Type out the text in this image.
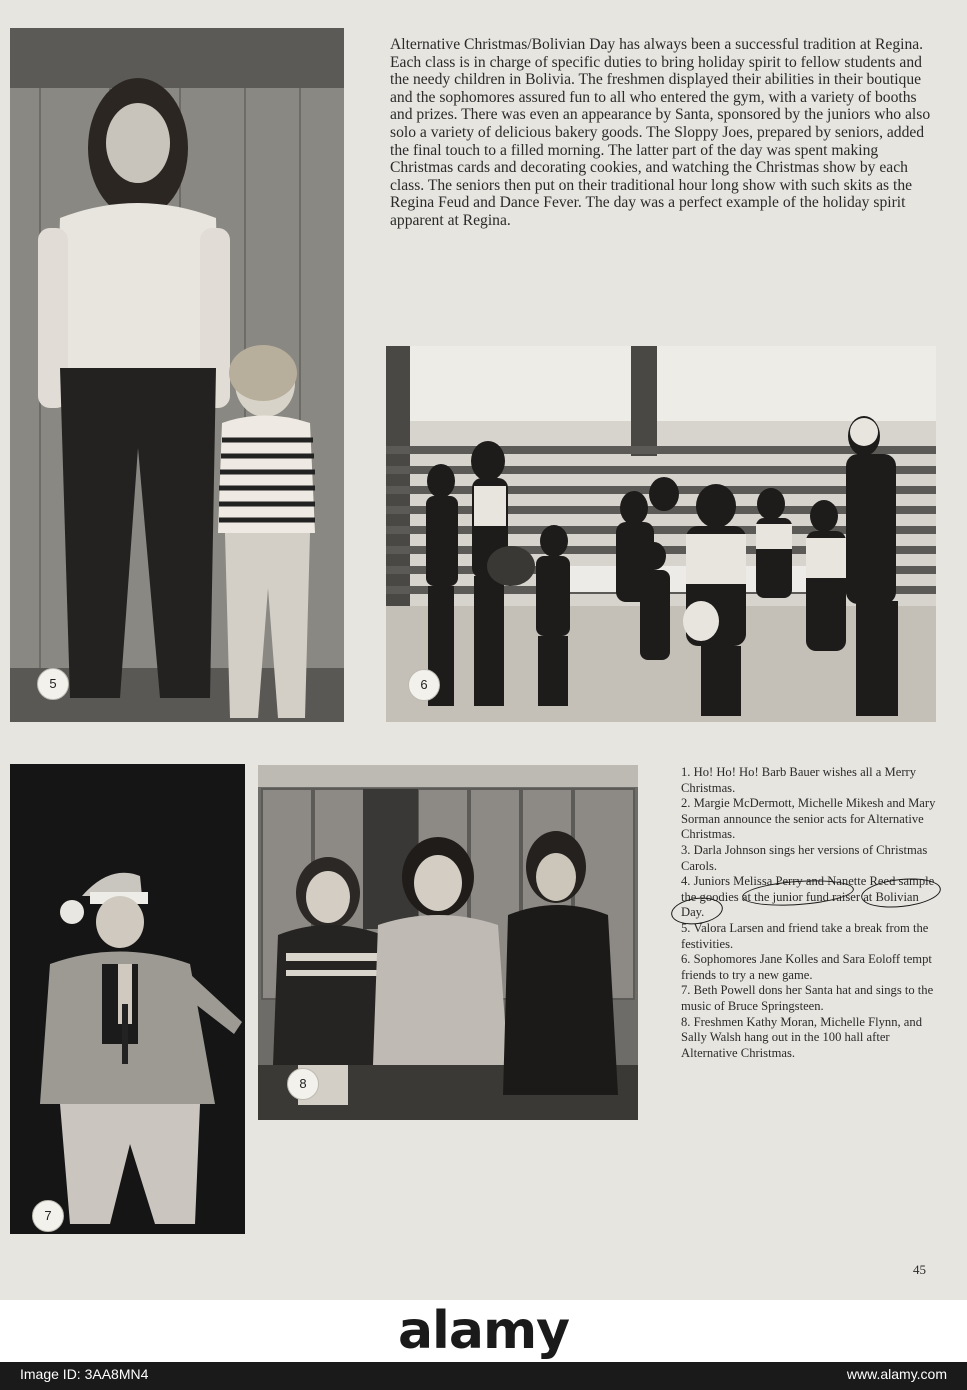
Alternative Christmas/Bolivian Day has always been a successful tradition at Regina. Each class is in charge of specific duties to bring holiday spirit to fellow students and the needy children in Bolivia. The freshmen displayed their abilities in their boutique and the sophomores assured fun to all who entered the gym, with a variety of booths and prizes. There was even an appearance by Santa, sponsored by the juniors who also solo a variety of delicious bakery goods. The Sloppy Joes, prepared by seniors, added the final touch to a filled morning. The latter part of the day was spent making Christmas cards and decorating cookies, and watching the Christmas show by each class. The seniors then put on their traditional hour long show with such skits as the Regina Feud and Dance Fever. The day was a perfect example of the holiday spirit apparent at Regina.

5	6
7
8
1. Ho! Ho! Ho! Barb Bauer wishes all a Merry Christmas.
2. Margie McDermott, Michelle Mikesh and Mary Sorman announce the senior acts for Alternative Christmas.
3. Darla Johnson sings her versions of Christmas Carols.
4. Juniors Melissa Perry and Nanette Reed sample the goodies at the junior fund raiser at Bolivian Day.
5. Valora Larsen and friend take a break from the festivities.
6. Sophomores Jane Kolles and Sara Eoloff tempt friends to try a new game.
7. Beth Powell dons her Santa hat and sings to the music of Bruce Springsteen.
8. Freshmen Kathy Moran, Michelle Flynn, and Sally Walsh hang out in the 100 hall after Alternative Christmas.
45
alamy
Image ID: 3AA8MN4	www.alamy.com
